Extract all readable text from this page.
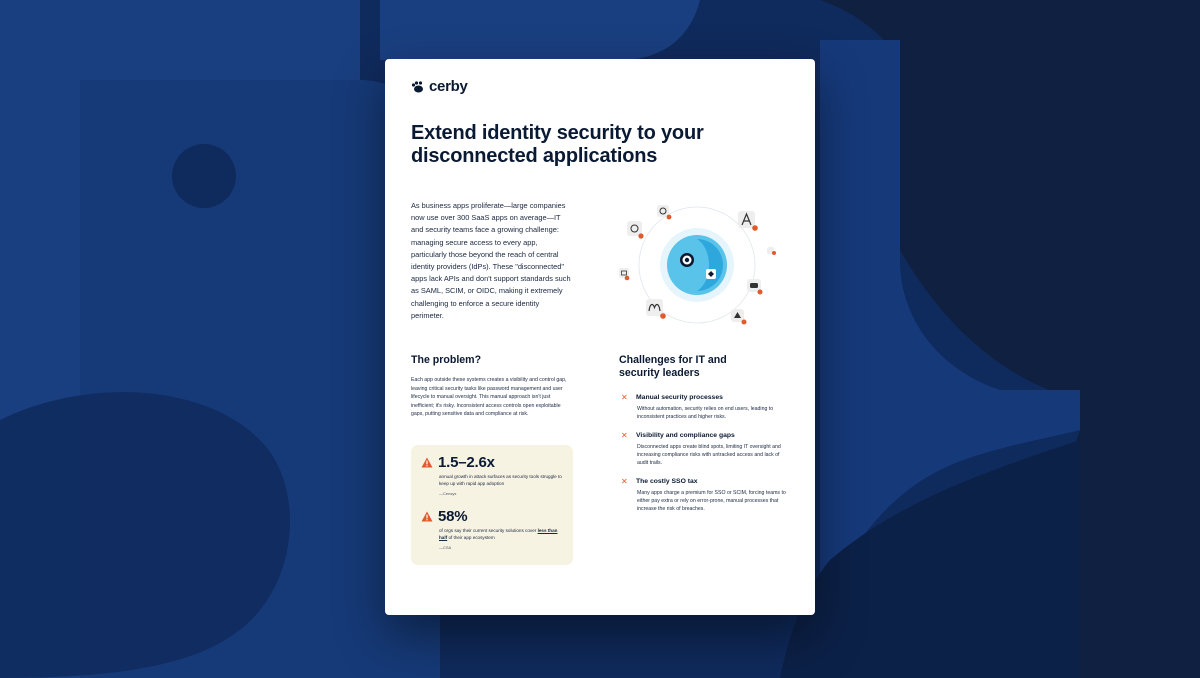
cerby
Extend identity security to your disconnected applications

As business apps proliferate—large companies now use over 300 SaaS apps on average—IT and security teams face a growing challenge: managing secure access to every app, particularly those beyond the reach of central identity providers (IdPs). These "disconnected" apps lack APIs and don't support standards such as SAML, SCIM, or OIDC, making it extremely challenging to enforce a secure identity perimeter.

The problem?

Each app outside these systems creates a visibility and control gap, leaving critical security tasks like password management and user lifecycle to manual oversight. This manual approach isn't just inefficient; it's risky. Inconsistent access controls open exploitable gaps, putting sensitive data and compliance at risk.

1.5–2.6x
annual growth in attack surfaces as security tools struggle to keep up with rapid app adoption
—Censys
58%
of orgs say their current security solutions cover less than half of their app ecosystem
—CSA
Challenges for IT and security leaders
✕ Manual security processes
Without automation, security relies on end users, leading to inconsistent practices and higher risks.
✕ Visibility and compliance gaps
Disconnected apps create blind spots, limiting IT oversight and increasing compliance risks with untracked access and lack of audit trails.
✕ The costly SSO tax
Many apps charge a premium for SSO or SCIM, forcing teams to either pay extra or rely on error-prone, manual processes that increase the risk of breaches.
